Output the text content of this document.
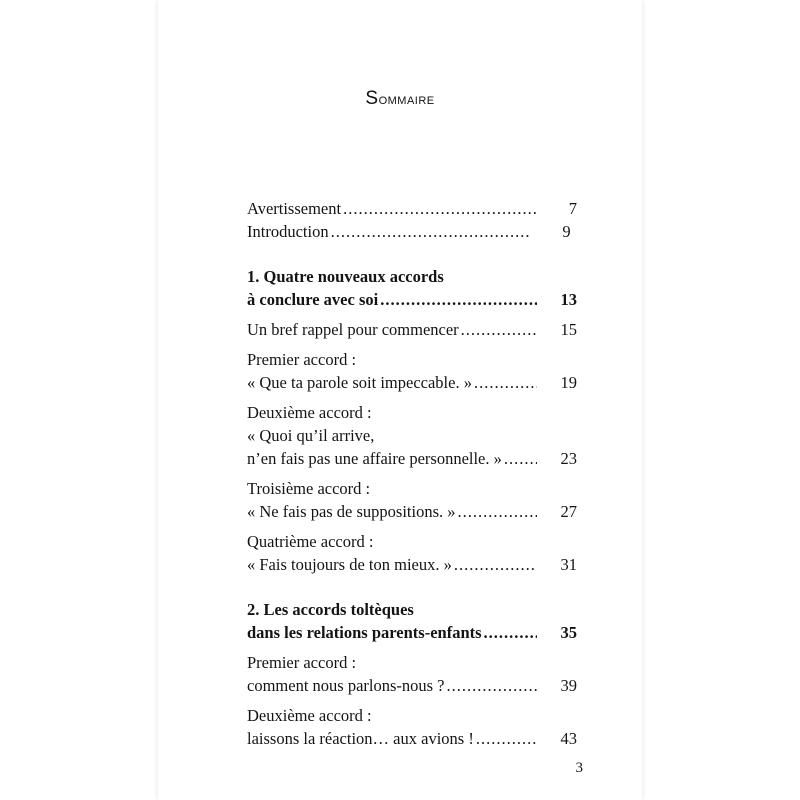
Sommaire
Avertissement .....	7
Introduction .....	9
1. Quatre nouveaux accords
à conclure avec soi .....	13
Un bref rappel pour commencer .....	15
Premier accord :
« Que ta parole soit impeccable. » .....	19
Deuxième accord :
« Quoi qu’il arrive,
n’en fais pas une affaire personnelle. » .....	23
Troisième accord :
« Ne fais pas de suppositions. » .....	27
Quatrième accord :
« Fais toujours de ton mieux. » .....	31
2. Les accords toltèques
dans les relations parents-enfants .....	35
Premier accord :
comment nous parlons-nous ? .....	39
Deuxième accord :
laissons la réaction… aux avions ! .....	43
3
